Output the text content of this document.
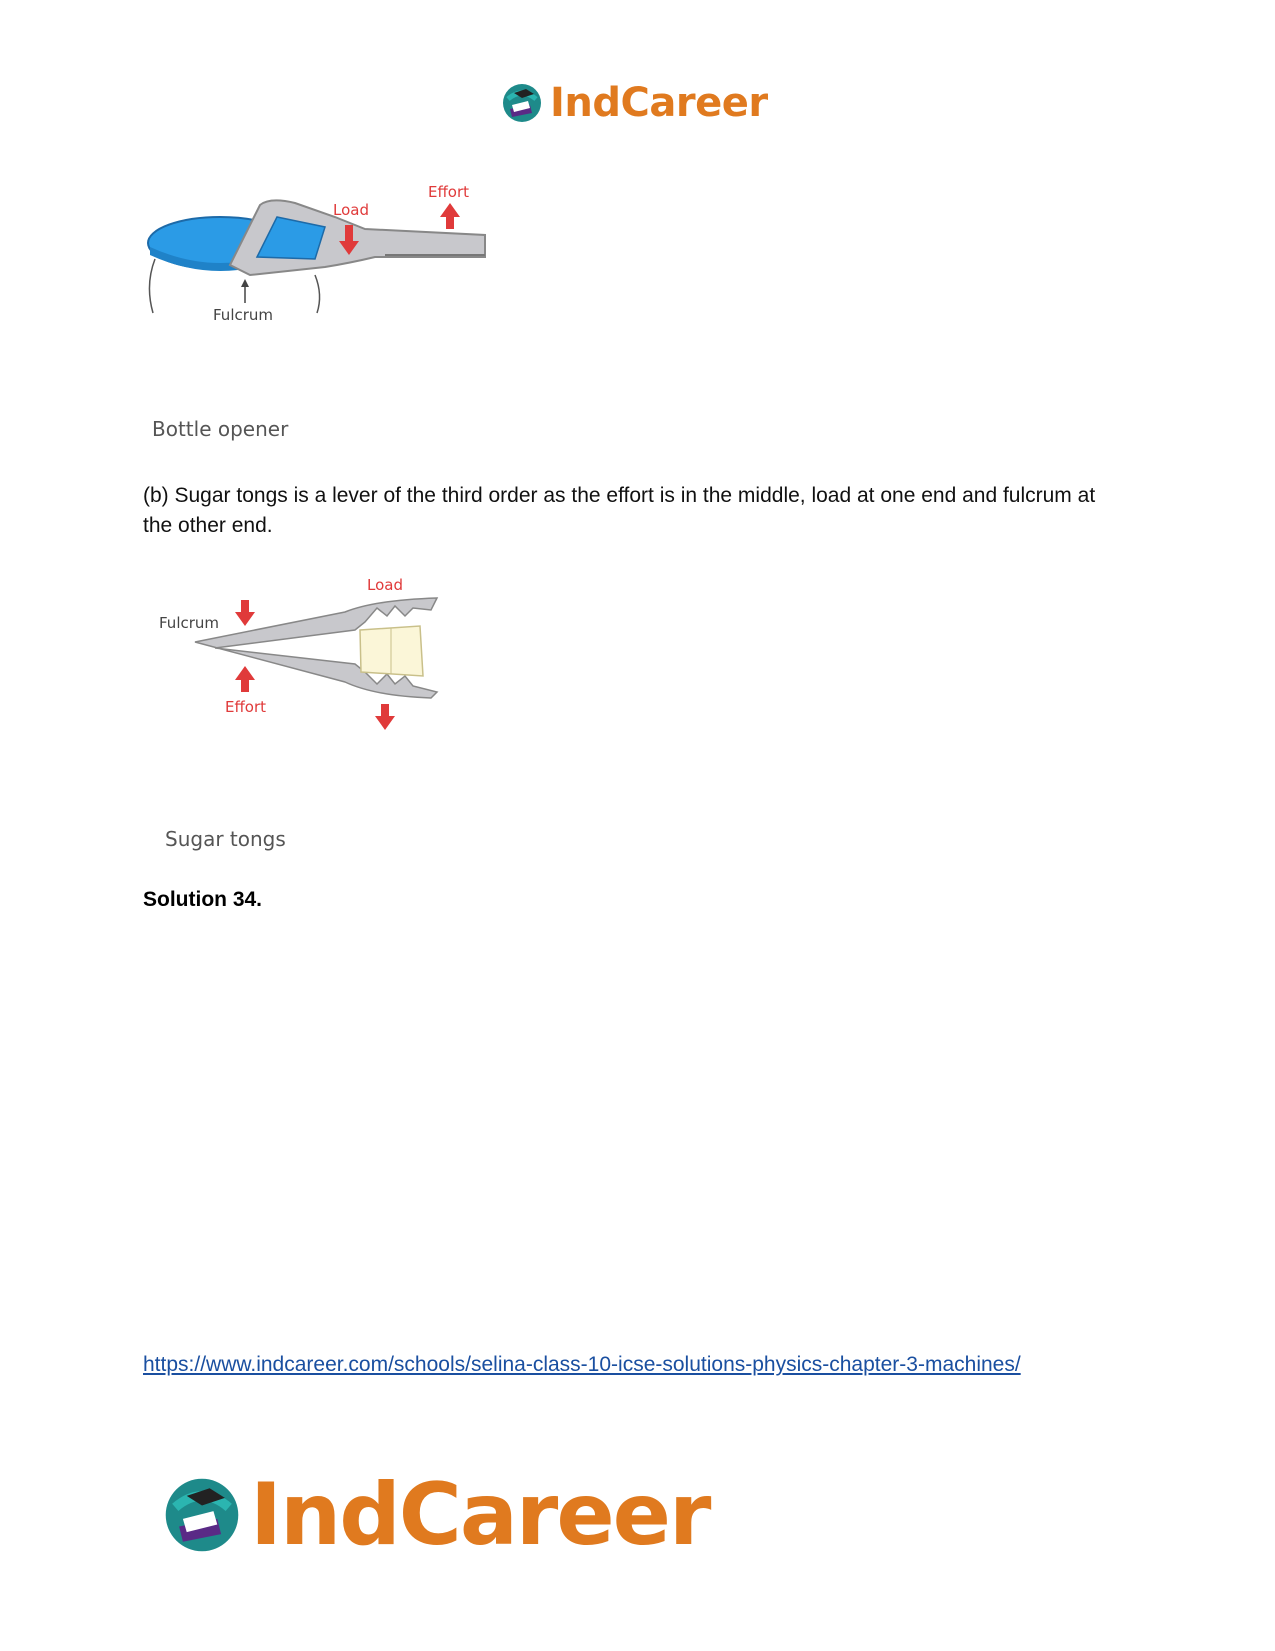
IndCareer
Load
Effort
Fulcrum
Bottle opener
(b) Sugar tongs is a lever of the third order as the effort is in the middle, load at one end and fulcrum at the other end.
Load
Fulcrum
Effort
Sugar tongs
Solution 34.
https://www.indcareer.com/schools/selina-class-10-icse-solutions-physics-chapter-3-machines/
IndCareer
